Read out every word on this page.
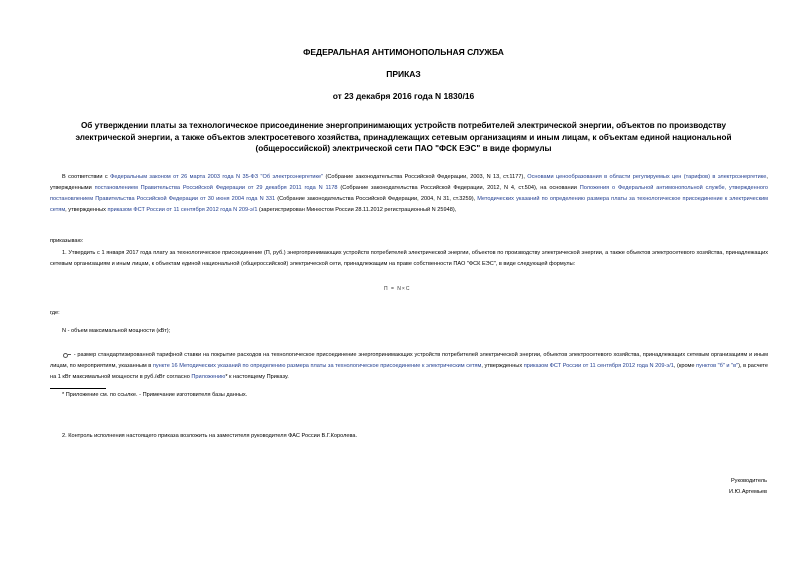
ФЕДЕРАЛЬНАЯ АНТИМОНОПОЛЬНАЯ СЛУЖБА
ПРИКАЗ
от 23 декабря 2016 года N 1830/16
Об утверждении платы за технологическое присоединение энергопринимающих устройств потребителей электрической энергии, объектов по производству электрической энергии, а также объектов электросетевого хозяйства, принадлежащих сетевым организациям и иным лицам, к объектам единой национальной (общероссийской) электрической сети ПАО "ФСК ЕЭС" в виде формулы
В соответствии с Федеральным законом от 26 марта 2003 года N 35-ФЗ "Об электроэнергетике" (Собрание законодательства Российской Федерации, 2003, N 13, ст.1177), Основами ценообразования в области регулируемых цен (тарифов) в электроэнергетике, утвержденными постановлением Правительства Российской Федерации от 29 декабря 2011 года N 1178 (Собрание законодательства Российской Федерации, 2012, N 4, ст.504), на основании Положения о Федеральной антимонопольной службе, утвержденного постановлением Правительства Российской Федерации от 30 июня 2004 года N 331 (Собрание законодательства Российской Федерации, 2004, N 31, ст.3259), Методических указаний по определению размера платы за технологическое присоединение к электрическим сетям, утвержденных приказом ФСТ России от 11 сентября 2012 года N 209-э/1 (зарегистрирован Минюстом России 28.11.2012 регистрационный N 25948),
приказываю:
1. Утвердить с 1 января 2017 года плату за технологическое присоединение (П, руб.) энергопринимающих устройств потребителей электрической энергии, объектов по производству электрической энергии, а также объектов электросетевого хозяйства, принадлежащих сетевым организациям и иным лицам, к объектам единой национальной (общероссийской) электрической сети, принадлежащим на праве собственности ПАО "ФСК ЕЭС", в виде следующей формулы:
П = N×С
где:
N - объем максимальной мощности (кВт);
- размер стандартизированной тарифной ставки на покрытие расходов на технологическое присоединение энергопринимающих устройств потребителей электрической энергии, объектов электросетевого хозяйства, принадлежащих сетевым организациям и иным лицам, по мероприятиям, указанным в пункте 16 Методических указаний по определению размера платы за технологическое присоединение к электрическим сетям, утвержденных приказом ФСТ России от 11 сентября 2012 года N 209-э/1, (кроме пунктов "б" и "в"), в расчете на 1 кВт максимальной мощности в руб./кВт согласно Приложению* к настоящему Приказу.
* Приложение см. по ссылке. - Примечание изготовителя базы данных.
2. Контроль исполнения настоящего приказа возложить на заместителя руководителя ФАС России В.Г.Королева.
Руководитель
И.Ю.Артемьев
